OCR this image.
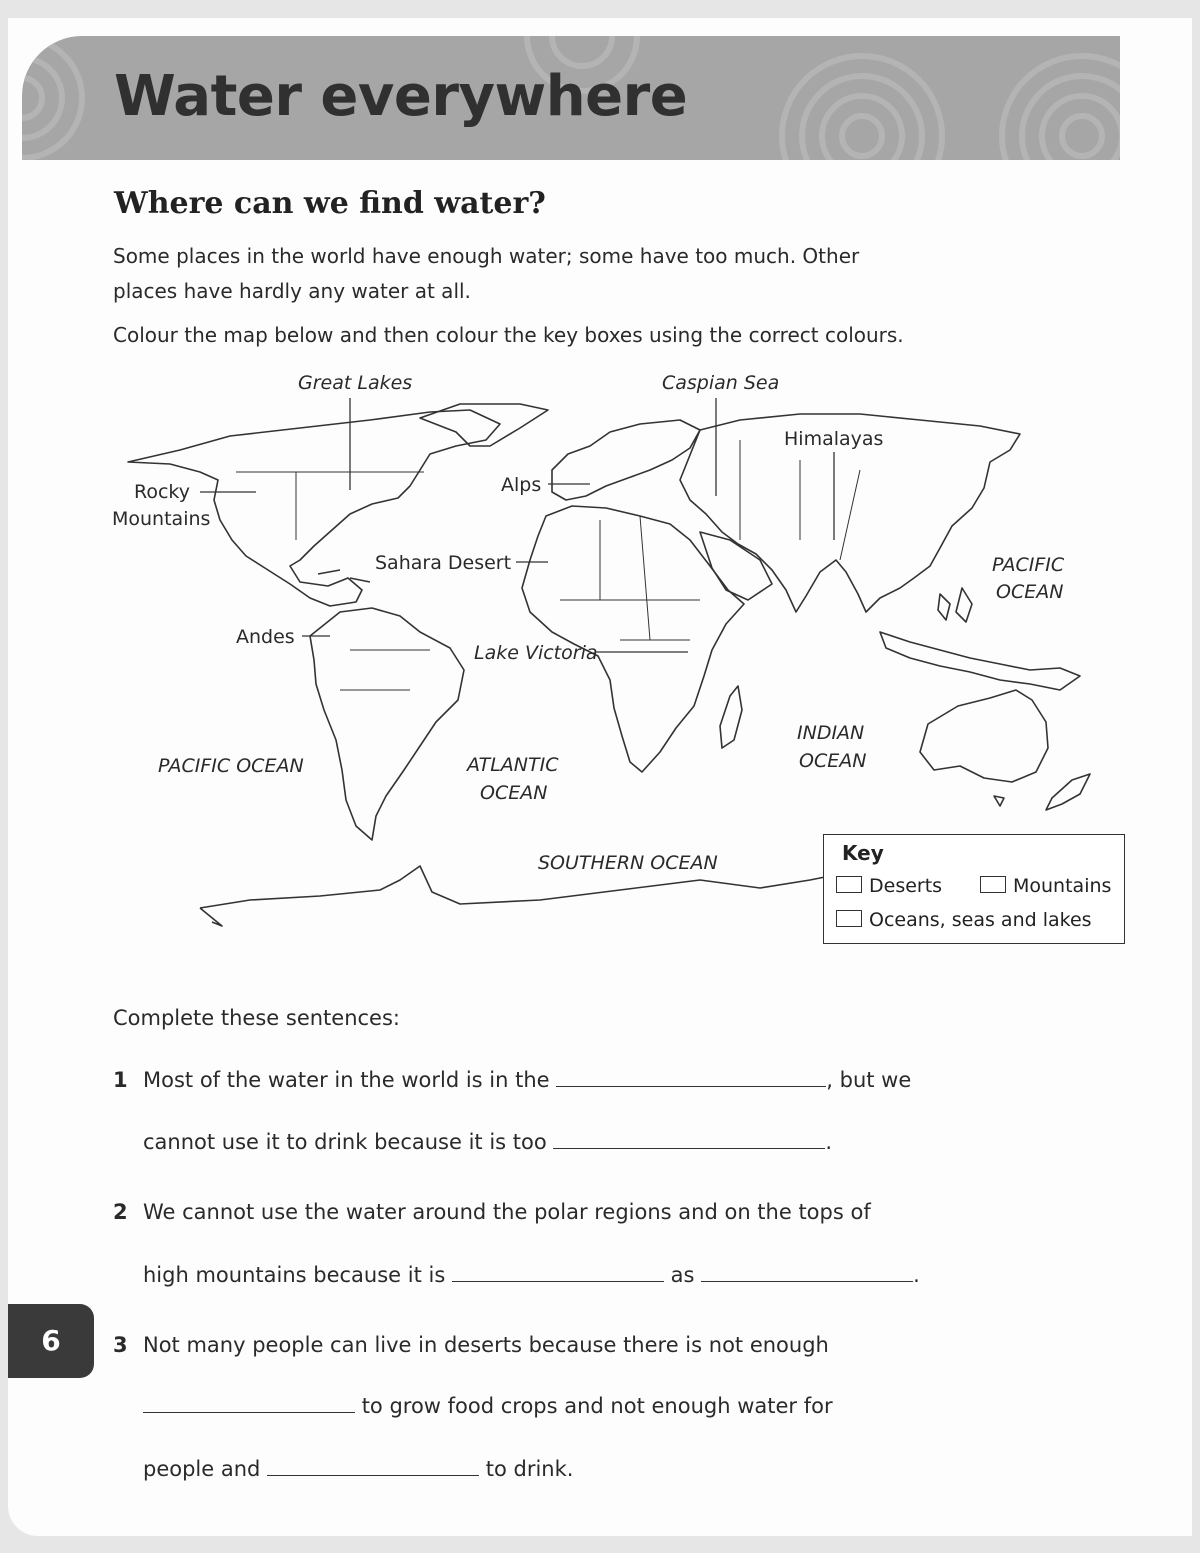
Water everywhere
Where can we find water?
Some places in the world have enough water; some have too much. Other
places have hardly any water at all.
Colour the map below and then colour the key boxes using the correct colours.
Great Lakes	Caspian Sea
Himalayas
Rocky
Mountains
Alps
Sahara Desert	PACIFIC
OCEAN
Andes
Lake Victoria
INDIAN
OCEAN
PACIFIC OCEAN	ATLANTIC
OCEAN
SOUTHERN OCEAN	Key
Deserts	Mountains
Oceans, seas and lakes
Complete these sentences:
1 Most of the water in the world is in the	, but we
cannot use it to drink because it is too	.
2 We cannot use the water around the polar regions and on the tops of
high mountains because it is	as	.
6	3 Not many people can live in deserts because there is not enough
to grow food crops and not enough water for
people and	to drink.
